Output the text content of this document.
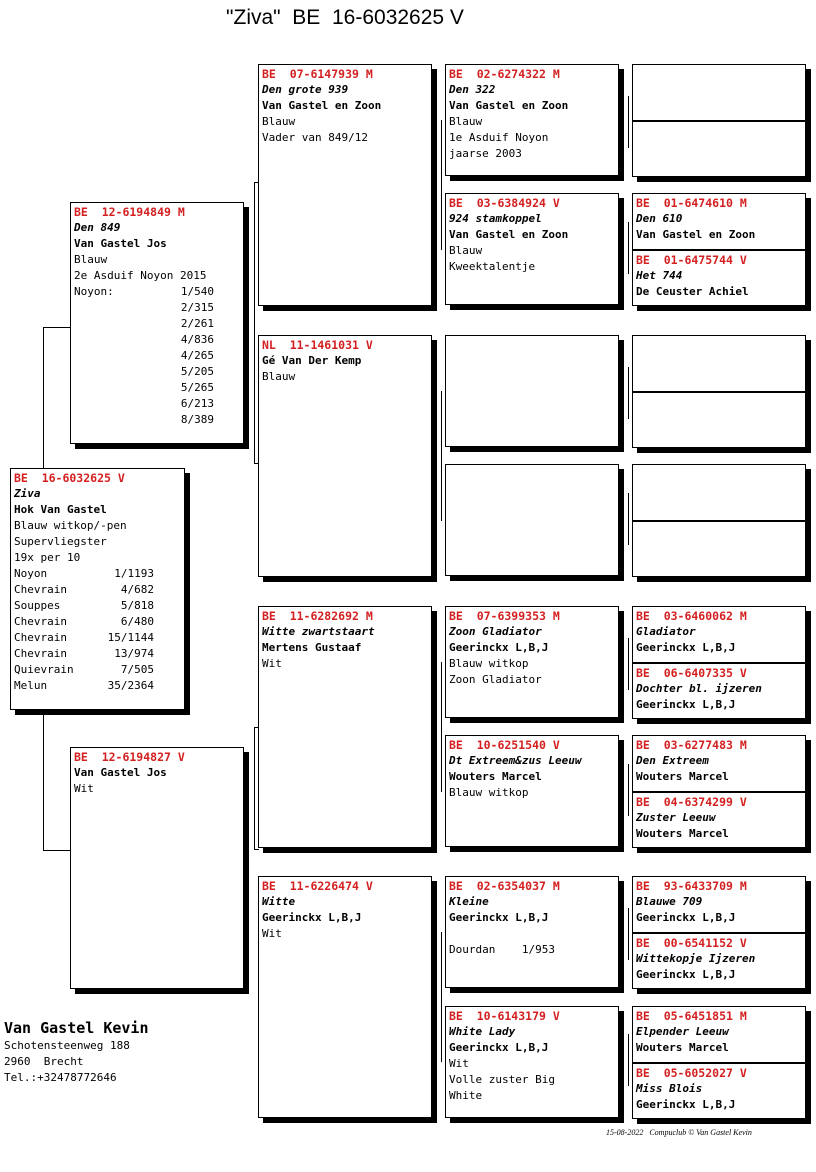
"Ziva"  BE  16-6032625 V
BE  16-6032625 V
Ziva
Hok Van Gastel
Blauw witkop/-pen
Supervliegster
19x per 10
Noyon	1/1193
Chevrain	4/682
Souppes	5/818
Chevrain	6/480
Chevrain	15/1144
Chevrain	13/974
Quievrain	7/505
Melun	35/2364
BE  12-6194849 M
Den 849
Van Gastel Jos
Blauw
2e Asduif Noyon 2015
Noyon:	1/540
2/315
2/261
4/836
4/265
5/205
5/265
6/213
8/389
BE  12-6194827 V
Van Gastel Jos
Wit
BE  07-6147939 M
Den grote 939
Van Gastel en Zoon
Blauw
Vader van 849/12
NL  11-1461031 V
Gé Van Der Kemp
Blauw
BE  11-6282692 M
Witte zwartstaart
Mertens Gustaaf
Wit
BE  11-6226474 V
Witte
Geerinckx L,B,J
Wit
BE  02-6274322 M
Den 322
Van Gastel en Zoon
Blauw
1e Asduif Noyon
jaarse 2003
BE  03-6384924 V
924 stamkoppel
Van Gastel en Zoon
Blauw
Kweektalentje
BE  07-6399353 M
Zoon Gladiator
Geerinckx L,B,J
Blauw witkop
Zoon Gladiator
BE  10-6251540 V
Dt Extreem&zus Leeuw
Wouters Marcel
Blauw witkop
BE  02-6354037 M
Kleine
Geerinckx L,B,J
Dourdan    1/953
BE  10-6143179 V
White Lady
Geerinckx L,B,J
Wit
Volle zuster Big
White
BE  01-6474610 M
Den 610
Van Gastel en Zoon
BE  01-6475744 V
Het 744
De Ceuster Achiel
BE  03-6460062 M
Gladiator
Geerinckx L,B,J
BE  06-6407335 V
Dochter bl. ijzeren
Geerinckx L,B,J
BE  03-6277483 M
Den Extreem
Wouters Marcel
BE  04-6374299 V
Zuster Leeuw
Wouters Marcel
BE  93-6433709 M
Blauwe 709
Geerinckx L,B,J
BE  00-6541152 V
Wittekopje Ijzeren
Geerinckx L,B,J
BE  05-6451851 M
Elpender Leeuw
Wouters Marcel
BE  05-6052027 V
Miss Blois
Geerinckx L,B,J
Van Gastel Kevin
Schotensteenweg 188
2960  Brecht
Tel.:+32478772646
15-08-2022   Compuclub © Van Gastel Kevin
